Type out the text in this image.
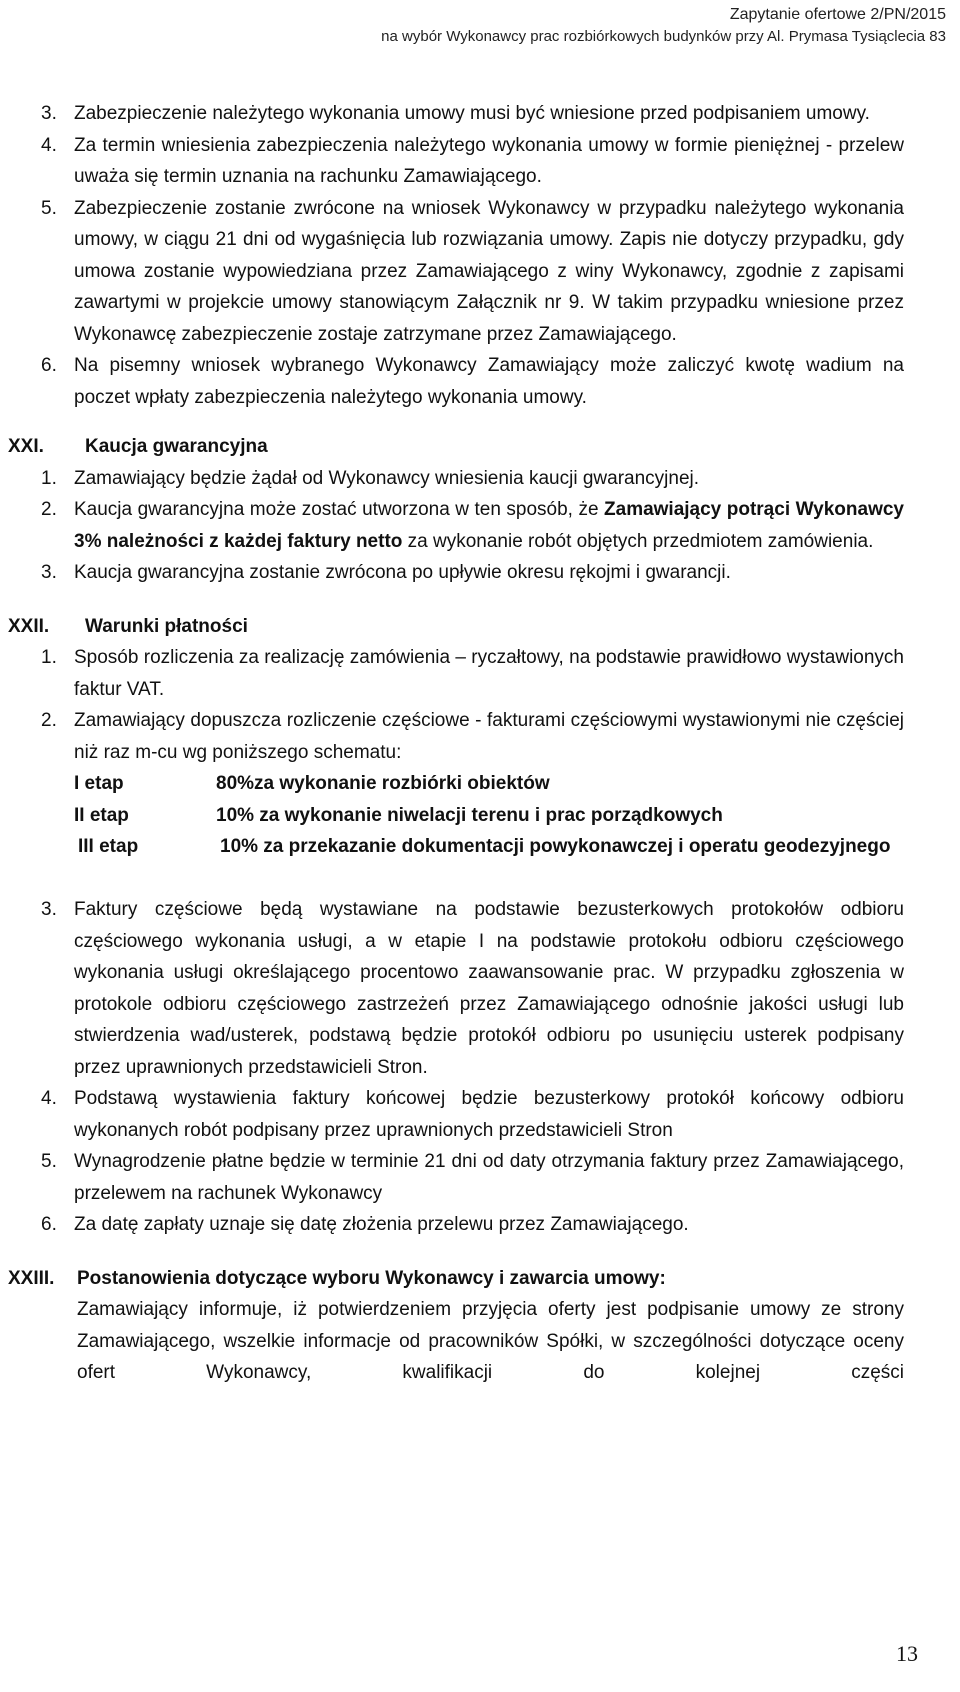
Zapytanie ofertowe 2/PN/2015
na wybór Wykonawcy prac rozbiórkowych budynków przy Al. Prymasa Tysiąclecia 83
3. Zabezpieczenie należytego wykonania umowy musi być wniesione przed podpisaniem umowy.
4. Za termin wniesienia zabezpieczenia należytego wykonania umowy w formie pieniężnej - przelew uważa się termin uznania na rachunku Zamawiającego.
5. Zabezpieczenie zostanie zwrócone na wniosek Wykonawcy w przypadku należytego wykonania umowy, w ciągu 21 dni od wygaśnięcia lub rozwiązania umowy. Zapis nie dotyczy przypadku, gdy umowa zostanie wypowiedziana przez Zamawiającego z winy Wykonawcy, zgodnie z zapisami zawartymi w projekcie umowy stanowiącym Załącznik nr 9. W takim przypadku wniesione przez Wykonawcę zabezpieczenie zostaje zatrzymane przez Zamawiającego.
6. Na pisemny wniosek wybranego Wykonawcy Zamawiający może zaliczyć kwotę wadium na poczet wpłaty zabezpieczenia należytego wykonania umowy.
XXI. Kaucja gwarancyjna
1. Zamawiający będzie żądał od Wykonawcy wniesienia kaucji gwarancyjnej.
2. Kaucja gwarancyjna może zostać utworzona w ten sposób, że Zamawiający potrąci Wykonawcy 3% należności z każdej faktury netto za wykonanie robót objętych przedmiotem zamówienia.
3. Kaucja gwarancyjna zostanie zwrócona po upływie okresu rękojmi i gwarancji.
XXII. Warunki płatności
1. Sposób rozliczenia za realizację zamówienia – ryczałtowy, na podstawie prawidłowo wystawionych faktur VAT.
2. Zamawiający dopuszcza rozliczenie częściowe - fakturami częściowymi wystawionymi nie częściej niż raz m-cu wg poniższego schematu:
I etap	80%za wykonanie rozbiórki obiektów
II etap	10% za wykonanie niwelacji terenu i prac porządkowych
III etap	10% za przekazanie dokumentacji powykonawczej i operatu geodezyjnego
3. Faktury częściowe będą wystawiane na podstawie bezusterkowych protokołów odbioru częściowego wykonania usługi, a w etapie I na podstawie protokołu odbioru częściowego wykonania usługi określającego procentowo zaawansowanie prac. W przypadku zgłoszenia w protokole odbioru częściowego zastrzeżeń przez Zamawiającego odnośnie jakości usługi lub stwierdzenia wad/usterek, podstawą będzie protokół odbioru po usunięciu usterek podpisany przez uprawnionych przedstawicieli Stron.
4. Podstawą wystawienia faktury końcowej będzie bezusterkowy protokół końcowy odbioru wykonanych robót podpisany przez uprawnionych przedstawicieli Stron
5. Wynagrodzenie płatne będzie w terminie 21 dni od daty otrzymania faktury przez Zamawiającego, przelewem na rachunek Wykonawcy
6. Za datę zapłaty uznaje się datę złożenia przelewu przez Zamawiającego.
XXIII. Postanowienia dotyczące wyboru Wykonawcy i zawarcia umowy:
Zamawiający informuje, iż potwierdzeniem przyjęcia oferty jest podpisanie umowy ze strony Zamawiającego, wszelkie informacje od pracowników Spółki, w szczególności dotyczące oceny ofert Wykonawcy, kwalifikacji do kolejnej części
13
